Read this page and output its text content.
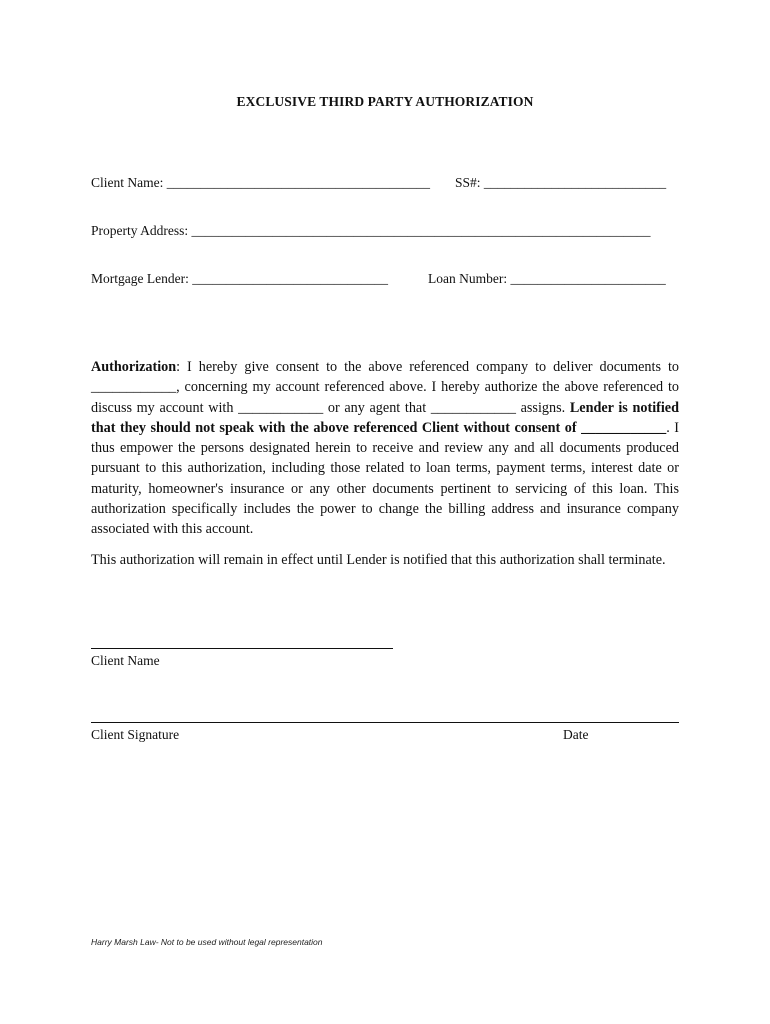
EXCLUSIVE THIRD PARTY AUTHORIZATION
Client Name: _______________________________________ SS#: ___________________________
Property Address: ____________________________________________________________________
Mortgage Lender: _____________________________	Loan Number: _______________________
Authorization: I hereby give consent to the above referenced company to deliver documents to ____________, concerning my account referenced above. I hereby authorize the above referenced to discuss my account with ____________ or any agent that ____________ assigns. Lender is notified that they should not speak with the above referenced Client without consent of ____________. I thus empower the persons designated herein to receive and review any and all documents produced pursuant to this authorization, including those related to loan terms, payment terms, interest date or maturity, homeowner's insurance or any other documents pertinent to servicing of this loan. This authorization specifically includes the power to change the billing address and insurance company associated with this account.
This authorization will remain in effect until Lender is notified that this authorization shall terminate.
Client Name
Client Signature	Date
Harry Marsh Law- Not to be used without legal representation
